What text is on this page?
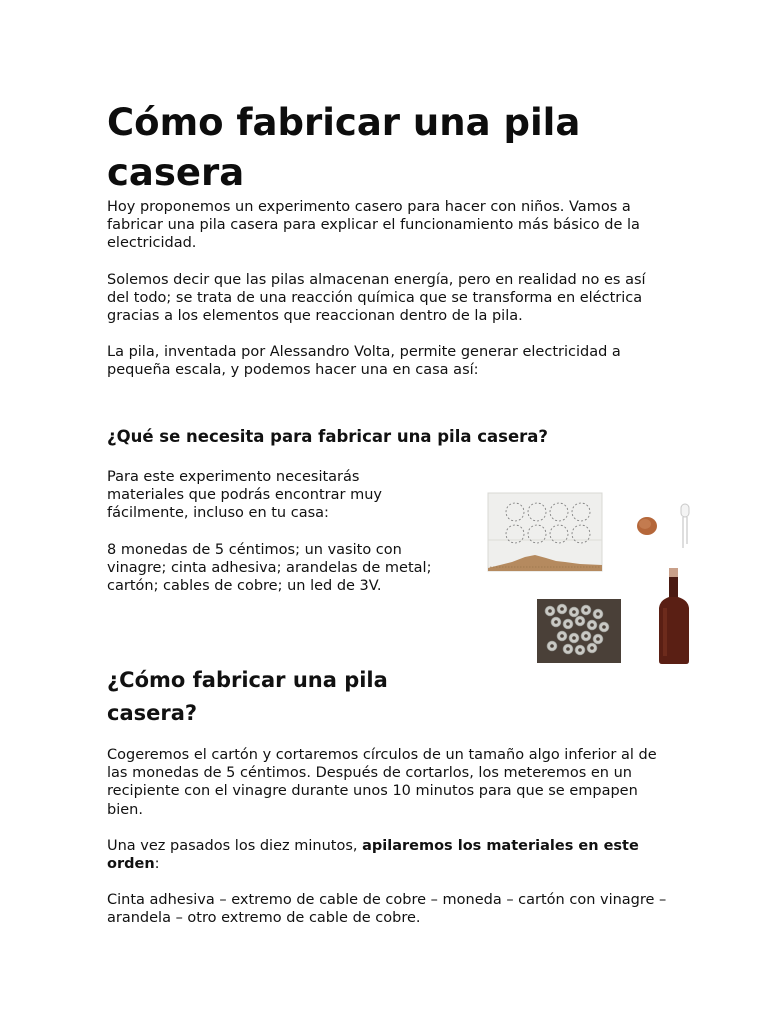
Cómo fabricar una pila casera

Hoy proponemos un experimento casero para hacer con niños. Vamos a fabricar una pila casera para explicar el funcionamiento más básico de la electricidad.

Solemos decir que las pilas almacenan energía, pero en realidad no es así del todo; se trata de una reacción química que se transforma en eléctrica gracias a los elementos que reaccionan dentro de la pila.

La pila, inventada por Alessandro Volta, permite generar electricidad a pequeña escala, y podemos hacer una en casa así:

¿Qué se necesita para fabricar una pila casera?

Para este experimento necesitarás materiales que podrás encontrar muy fácilmente, incluso en tu casa:

8 monedas de 5 céntimos; un vasito con vinagre; cinta adhesiva; arandelas de metal; cartón; cables de cobre; un led de 3V.

¿Cómo fabricar una pila casera?

Cogeremos el cartón y cortaremos círculos de un tamaño algo inferior al de las monedas de 5 céntimos. Después de cortarlos, los meteremos en un recipiente con el vinagre durante unos 10 minutos para que se empapen bien.

Una vez pasados los diez minutos, apilaremos los materiales en este orden:

Cinta adhesiva – extremo de cable de cobre – moneda – cartón con vinagre – arandela – otro extremo de cable de cobre.
